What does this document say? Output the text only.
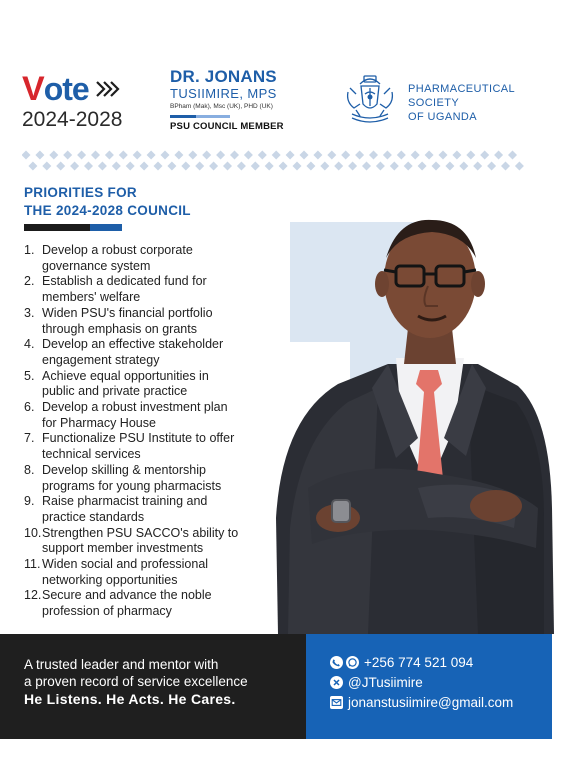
V ote
2024-2028
DR. JONANS
TUSIIMIRE, MPS
BPham (Mak), Msc (UK), PHD (UK)
PSU COUNCIL MEMBER
PHARMACEUTICAL
SOCIETY
OF UGANDA
PRIORITIES FOR
THE 2024-2028 COUNCIL
1. Develop a robust corporate
governance system
2. Establish a dedicated fund for
members' welfare
3. Widen PSU's financial portfolio
through emphasis on grants
4. Develop an effective stakeholder
engagement strategy
5. Achieve equal opportunities in
public and private practice
6. Develop a robust investment plan
for Pharmacy House
7. Functionalize PSU Institute to offer
technical services
8. Develop skilling & mentorship
programs for young pharmacists
9. Raise pharmacist training and
practice standards
10. Strengthen PSU SACCO's ability to
support member investments
11. Widen social and professional
networking opportunities
12. Secure and advance the noble
profession of pharmacy
A trusted leader and mentor with
a proven record of service excellence
He Listens. He Acts. He Cares.
+256 774 521 094
@JTusiimire
jonanstusiimire@gmail.com
